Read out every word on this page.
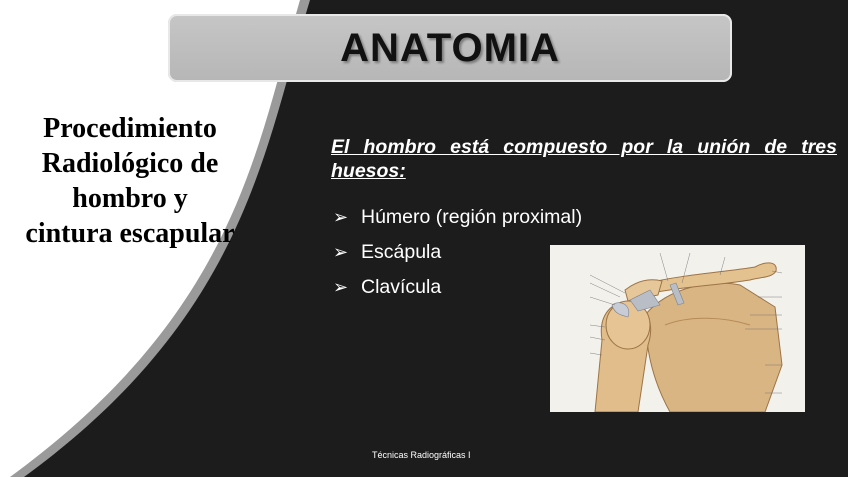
ANATOMIA
Procedimiento
Radiológico de
hombro y
cintura escapular
El hombro está compuesto por la unión de tres huesos:
➢ Húmero (región proximal)
➢ Escápula
➢ Clavícula
Técnicas Radiográficas I
